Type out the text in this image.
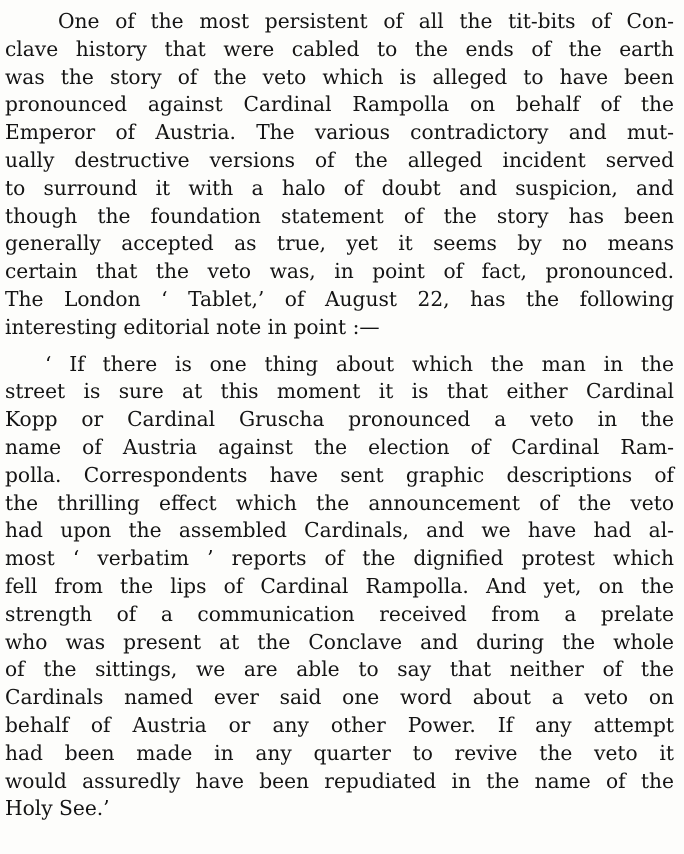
One of the most persistent of all the tit-bits of Con-
clave history that were cabled to the ends of the earth
was the story of the veto which is alleged to have been
pronounced against Cardinal Rampolla on behalf of the
Emperor of Austria. The various contradictory and mut-
ually destructive versions of the alleged incident served
to surround it with a halo of doubt and suspicion, and
though the foundation statement of the story has been
generally accepted as true, yet it seems by no means
certain that the veto was, in point of fact, pronounced.
The London ‘ Tablet,’ of August 22, has the following
interesting editorial note in point :—
‘ If there is one thing about which the man in the
street is sure at this moment it is that either Cardinal
Kopp or Cardinal Gruscha pronounced a veto in the
name of Austria against the election of Cardinal Ram-
polla. Correspondents have sent graphic descriptions of
the thrilling effect which the announcement of the veto
had upon the assembled Cardinals, and we have had al-
most ‘ verbatim ’ reports of the dignified protest which
fell from the lips of Cardinal Rampolla. And yet, on the
strength of a communication received from a prelate
who was present at the Conclave and during the whole
of the sittings, we are able to say that neither of the
Cardinals named ever said one word about a veto on
behalf of Austria or any other Power. If any attempt
had been made in any quarter to revive the veto it
would assuredly have been repudiated in the name of the
Holy See.’
